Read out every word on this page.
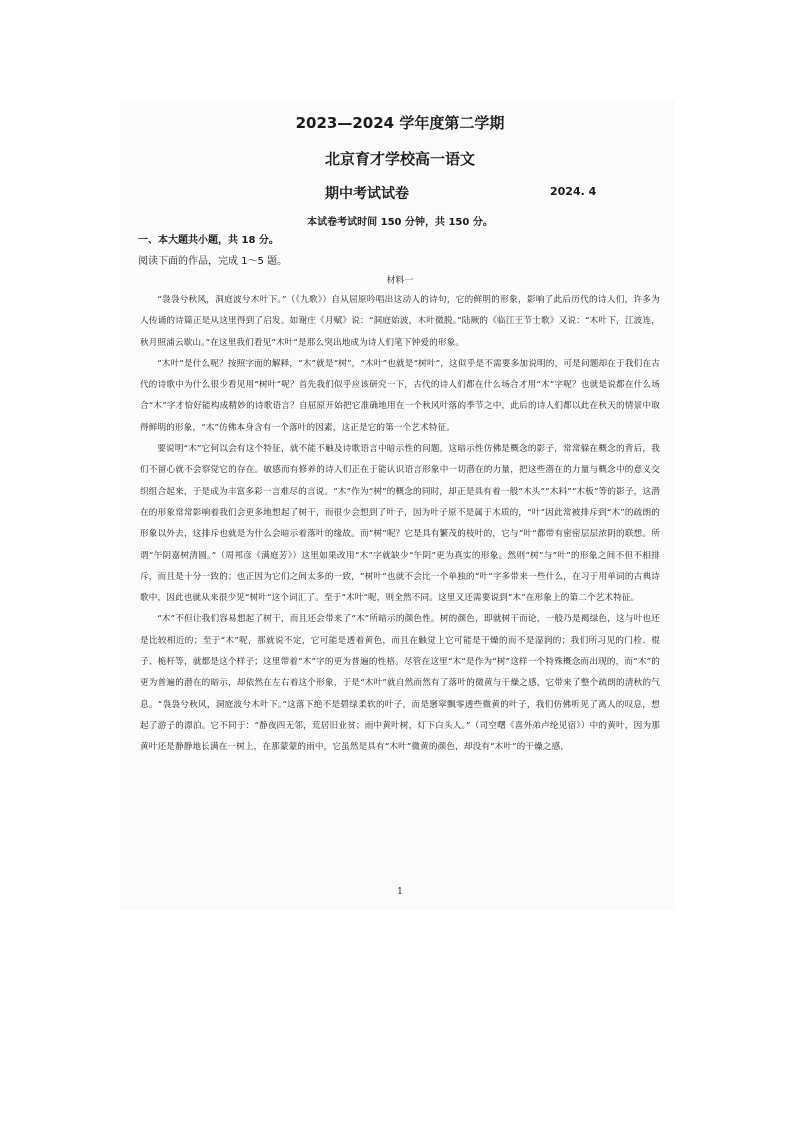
2023—2024 学年度第二学期
北京育才学校高一语文
期中考试试卷	2024. 4
本试卷考试时间 150 分钟，共 150 分。
一、本大题共小题，共 18 分。
阅读下面的作品，完成 1～5 题。
材料一

“袅袅兮秋风，洞庭波兮木叶下。”（《九歌》）自从屈原吟唱出这动人的诗句，它的鲜明的形象，影响了此后历代的诗人们，许多为人传诵的诗篇正是从这里得到了启发。如谢庄《月赋》说：“洞庭始波，木叶微脱。”陆厥的《临江王节士歌》又说：“木叶下，江波连，秋月照浦云歇山。”在这里我们看见“木叶”是那么突出地成为诗人们笔下钟爱的形象。

“木叶”是什么呢？按照字面的解释，“木”就是“树”，“木叶”也就是“树叶”，这似乎是不需要多加说明的，可是问题却在于我们在古代的诗歌中为什么很少看见用“树叶”呢？首先我们似乎应该研究一下，古代的诗人们都在什么场合才用“木”字呢？也就是说都在什么场合“木”字才恰好能构成精妙的诗歌语言？自屈原开始把它准确地用在一个秋风叶落的季节之中，此后的诗人们都以此在秋天的情景中取得鲜明的形象，“木”仿佛本身含有一个落叶的因素，这正是它的第一个艺术特征。

要说明“木”它何以会有这个特征，就不能不触及诗歌语言中暗示性的问题，这暗示性仿佛是概念的影子，常常躲在概念的背后，我们不留心就不会察觉它的存在。敏感而有修养的诗人们正在于能认识语言形象中一切潜在的力量，把这些潜在的力量与概念中的意义交织组合起来，于是成为丰富多彩一言难尽的言说。“木”作为“树”的概念的同时，却正是具有着一般“木头”“木料”“木板”等的影子，这潜在的形象常常影响着我们会更多地想起了树干，而很少会想到了叶子，因为叶子原不是属于木质的，“叶”因此常被排斥到“木”的疏朗的形象以外去，这排斥也就是为什么会暗示着落叶的缘故。而“树”呢？它是具有繁茂的枝叶的，它与“叶”都带有密密层层浓阴的联想。所谓“午阴嘉树清圆。”（周邦彦《满庭芳》）这里如果改用“木”字就缺少“午阴”更为真实的形象。然则“树”与“叶”的形象之间不但不相排斥，而且是十分一致的；也正因为它们之间太多的一致，“树叶”也就不会比一个单独的“叶”字多带来一些什么，在习于用单词的古典诗歌中，因此也就从来很少见“树叶”这个词汇了。至于“木叶”呢，则全然不同。这里又还需要说到“木”在形象上的第二个艺术特征。

“木”不但让我们容易想起了树干，而且还会带来了“木”所暗示的颜色性。树的颜色，即就树干而论，一般乃是褐绿色，这与叶也还是比较相近的；至于“木”呢，那就说不定，它可能是透着黄色，而且在触觉上它可能是干燥的而不是湿润的；我们所习见的门栓、棍子、桅杆等，就都是这个样子；这里带着“木”字的更为普遍的性格。尽管在这里“木”是作为“树”这样一个特殊概念而出现的，而“木”的更为普遍的潜在的暗示，却依然在左右着这个形象，于是“木叶”就自然而然有了落叶的微黄与干燥之感，它带来了整个疏朗的清秋的气息。“袅袅兮秋风，洞庭波兮木叶下。”这落下绝不是碧绿柔软的叶子，而是窸窣飘零透些微黄的叶子，我们仿佛听见了离人的叹息，想起了游子的漂泊。它不同于：“静夜四无邻，荒居旧业贫；雨中黄叶树，灯下白头人。”（司空曙《喜外弟卢纶见宿》）中的黄叶，因为那黄叶还是静静地长满在一树上，在那蒙蒙的雨中，它虽然是具有“木叶”微黄的颜色，却没有“木叶”的干燥之感，

1
